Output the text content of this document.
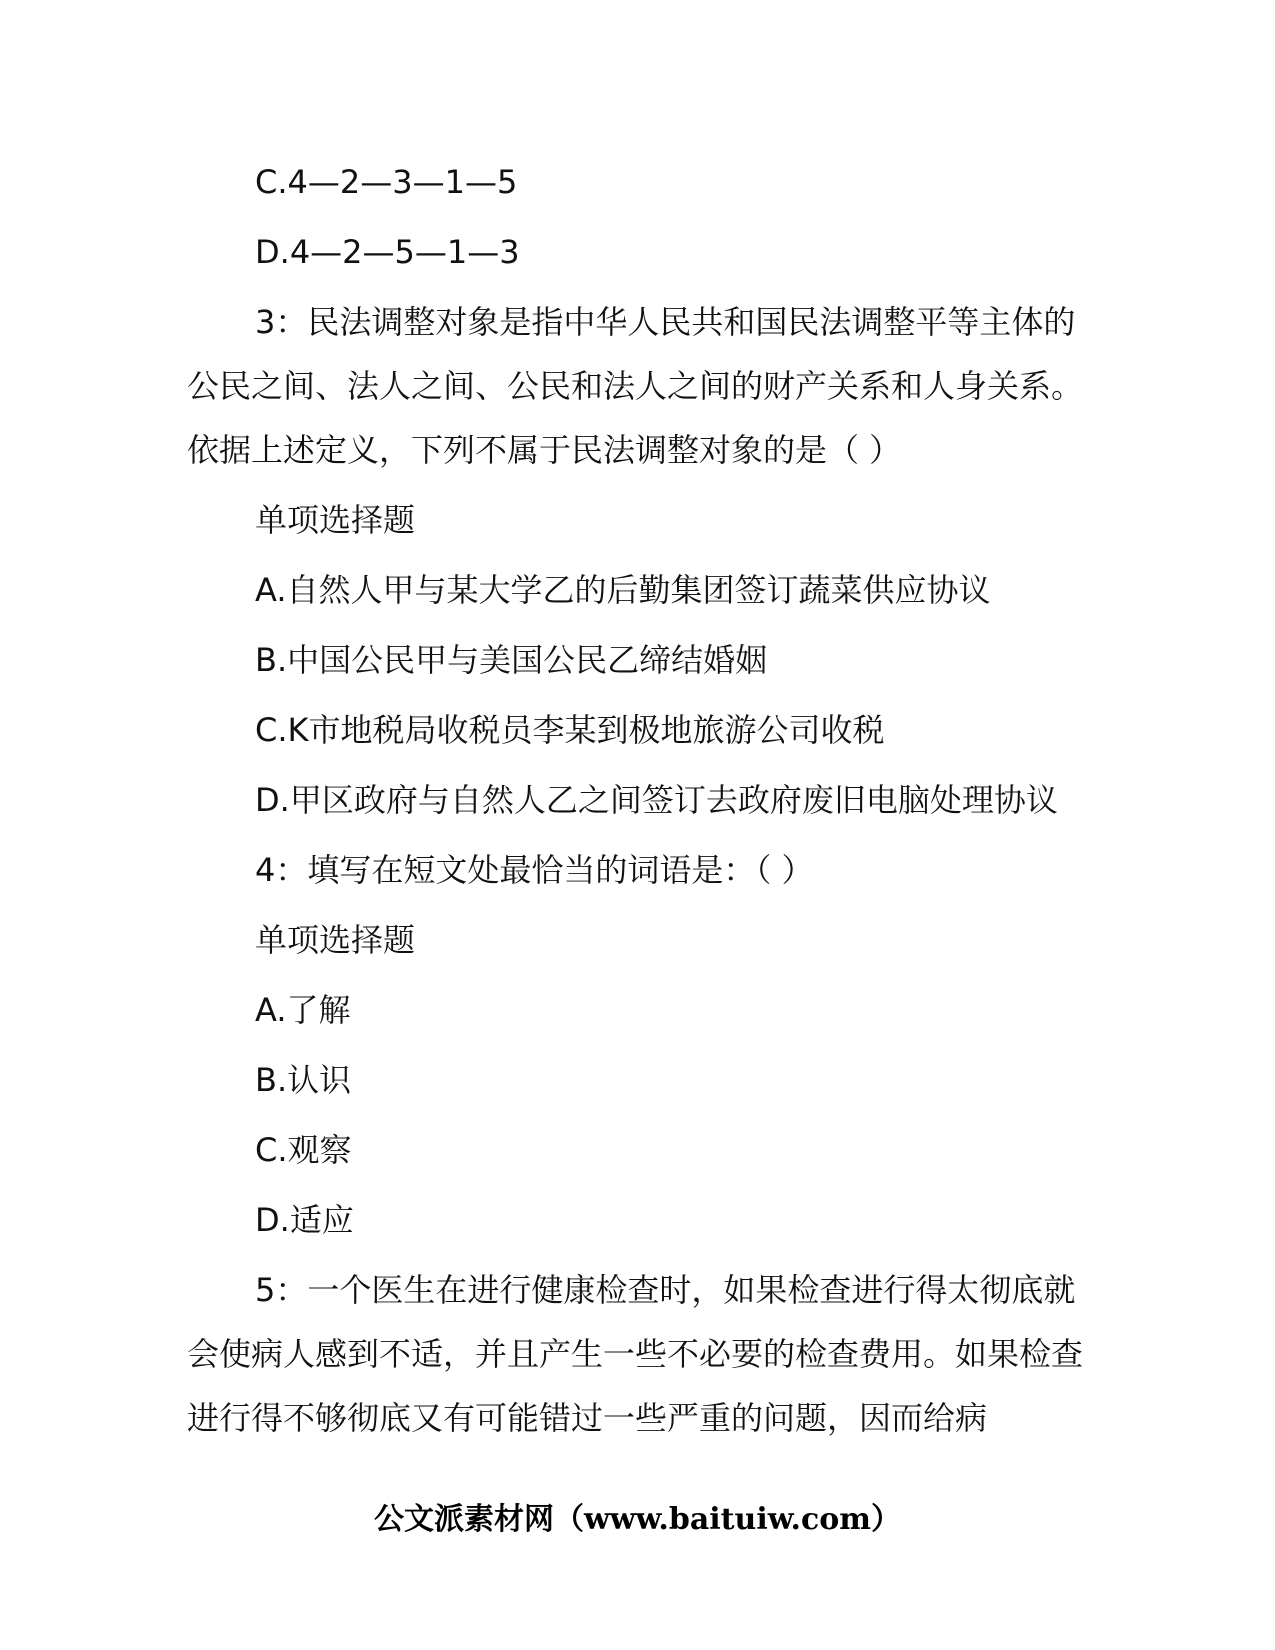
C.4—2—3—1—5

D.4—2—5—1—3

3：民法调整对象是指中华人民共和国民法调整平等主体的公民之间、法人之间、公民和法人之间的财产关系和人身关系。依据上述定义，下列不属于民法调整对象的是（ ）

单项选择题

A.自然人甲与某大学乙的后勤集团签订蔬菜供应协议

B.中国公民甲与美国公民乙缔结婚姻

C.K市地税局收税员李某到极地旅游公司收税

D.甲区政府与自然人乙之间签订去政府废旧电脑处理协议

4：填写在短文处最恰当的词语是：（ ）

单项选择题

A.了解

B.认识

C.观察

D.适应

5：一个医生在进行健康检查时，如果检查进行得太彻底就会使病人感到不适，并且产生一些不必要的检查费用。如果检查进行得不够彻底又有可能错过一些严重的问题，因而给病

公文派素材网（www.baituiw.com）
